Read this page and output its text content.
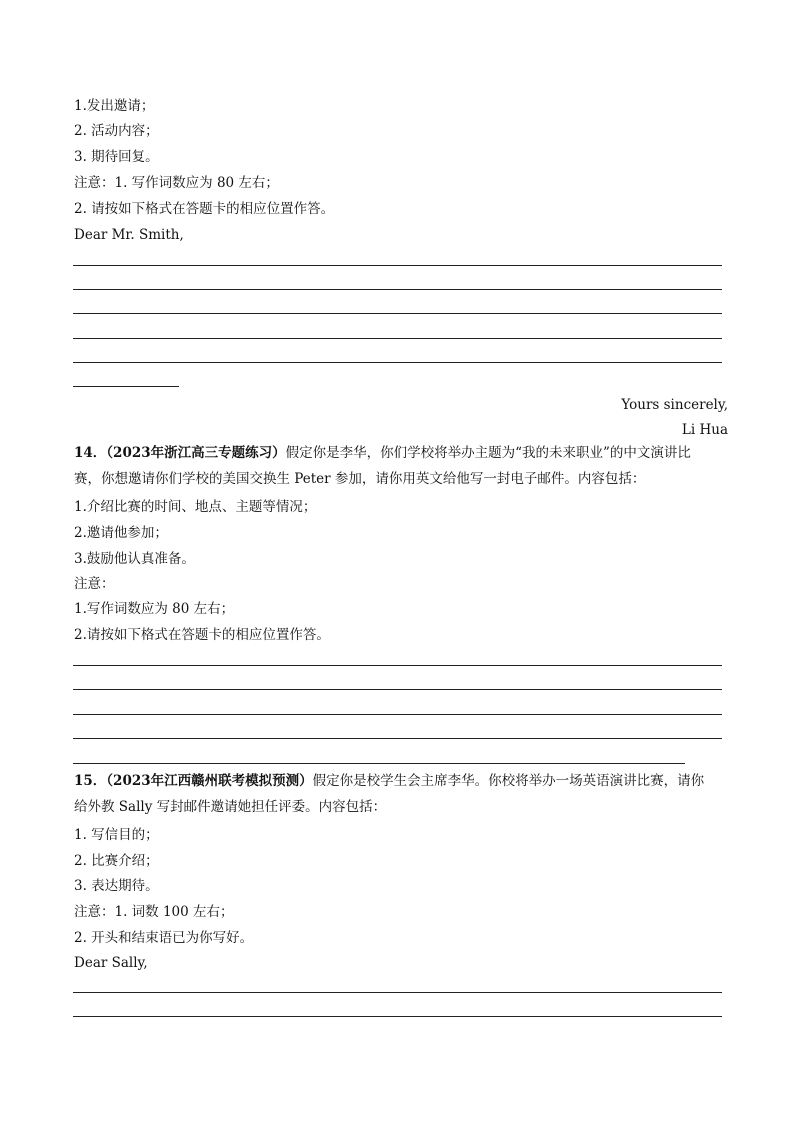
1.发出邀请；
2. 活动内容；
3. 期待回复。
注意：1. 写作词数应为 80 左右；
2. 请按如下格式在答题卡的相应位置作答。
Dear Mr. Smith,
Yours sincerely,
Li Hua
14．（2023年浙江高三专题练习）假定你是李华，你们学校将举办主题为“我的未来职业”的中文演讲比
赛，你想邀请你们学校的美国交换生 Peter 参加，请你用英文给他写一封电子邮件。内容包括：
1.介绍比赛的时间、地点、主题等情况；
2.邀请他参加；
3.鼓励他认真准备。
注意：
1.写作词数应为 80 左右；
2.请按如下格式在答题卡的相应位置作答。
15．（2023年江西赣州联考模拟预测）假定你是校学生会主席李华。你校将举办一场英语演讲比赛，请你
给外教 Sally 写封邮件邀请她担任评委。内容包括：
1. 写信目的；
2. 比赛介绍；
3. 表达期待。
注意：1. 词数 100 左右；
2. 开头和结束语已为你写好。
Dear Sally,
